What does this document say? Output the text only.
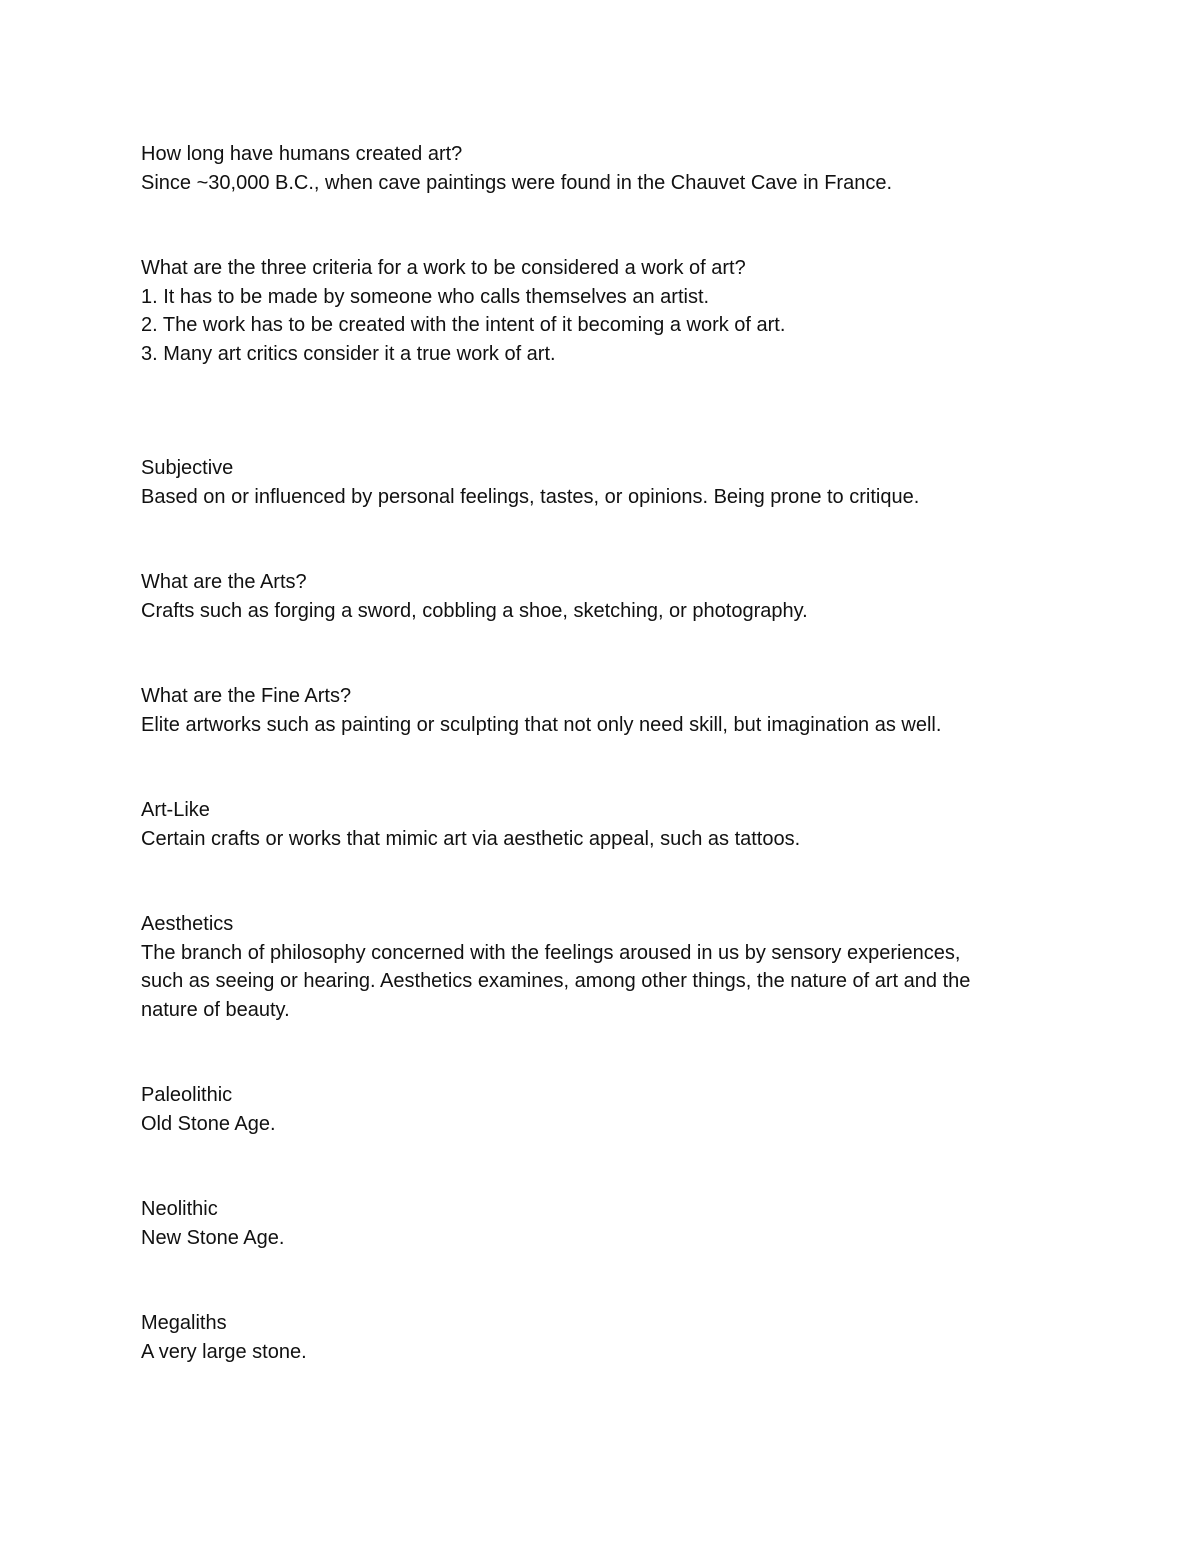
How long have humans created art?
Since ~30,000 B.C., when cave paintings were found in the Chauvet Cave in France.
What are the three criteria for a work to be considered a work of art?
1. It has to be made by someone who calls themselves an artist.
2. The work has to be created with the intent of it becoming a work of art.
3. Many art critics consider it a true work of art.
Subjective
Based on or influenced by personal feelings, tastes, or opinions. Being prone to critique.
What are the Arts?
Crafts such as forging a sword, cobbling a shoe, sketching, or photography.
What are the Fine Arts?
Elite artworks such as painting or sculpting that not only need skill, but imagination as well.
Art-Like
Certain crafts or works that mimic art via aesthetic appeal, such as tattoos.
Aesthetics
The branch of philosophy concerned with the feelings aroused in us by sensory experiences,
such as seeing or hearing. Aesthetics examines, among other things, the nature of art and the
nature of beauty.
Paleolithic
Old Stone Age.
Neolithic
New Stone Age.
Megaliths
A very large stone.
